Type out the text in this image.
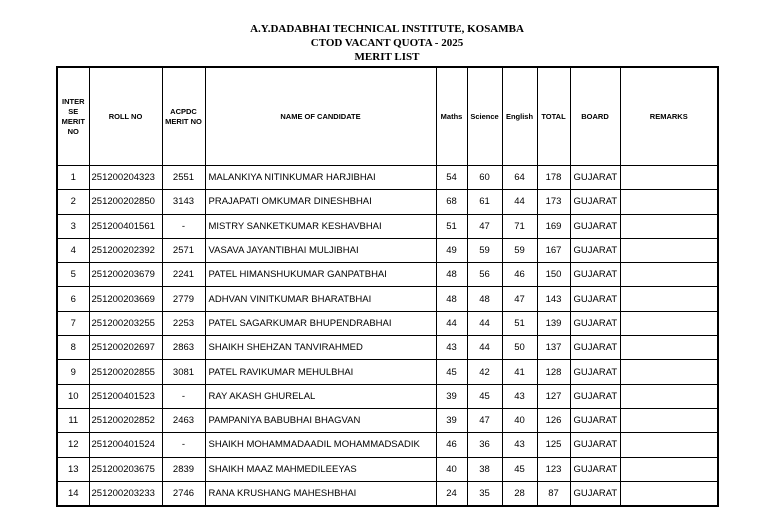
A.Y.DADABHAI TECHNICAL INSTITUTE, KOSAMBA
CTOD VACANT QUOTA - 2025
MERIT LIST
INTER SE MERIT NO	ROLL NO	ACPDC MERIT NO	NAME OF CANDIDATE	Maths	Science	English	TOTAL	BOARD	REMARKS
1	251200204323	2551	MALANKIYA NITINKUMAR HARJIBHAI	54	60	64	178	GUJARAT	
2	251200202850	3143	PRAJAPATI OMKUMAR DINESHBHAI	68	61	44	173	GUJARAT	
3	251200401561	-	MISTRY SANKETKUMAR KESHAVBHAI	51	47	71	169	GUJARAT	
4	251200202392	2571	VASAVA JAYANTIBHAI MULJIBHAI	49	59	59	167	GUJARAT	
5	251200203679	2241	PATEL HIMANSHUKUMAR GANPATBHAI	48	56	46	150	GUJARAT	
6	251200203669	2779	ADHVAN VINITKUMAR BHARATBHAI	48	48	47	143	GUJARAT	
7	251200203255	2253	PATEL SAGARKUMAR BHUPENDRABHAI	44	44	51	139	GUJARAT	
8	251200202697	2863	SHAIKH SHEHZAN TANVIRAHMED	43	44	50	137	GUJARAT	
9	251200202855	3081	PATEL RAVIKUMAR MEHULBHAI	45	42	41	128	GUJARAT	
10	251200401523	-	RAY AKASH GHURELAL	39	45	43	127	GUJARAT	
11	251200202852	2463	PAMPANIYA BABUBHAI BHAGVAN	39	47	40	126	GUJARAT	
12	251200401524	-	SHAIKH MOHAMMADAADIL MOHAMMADSADIK	46	36	43	125	GUJARAT	
13	251200203675	2839	SHAIKH MAAZ MAHMEDILEEYAS	40	38	45	123	GUJARAT	
14	251200203233	2746	RANA KRUSHANG MAHESHBHAI	24	35	28	87	GUJARAT	
